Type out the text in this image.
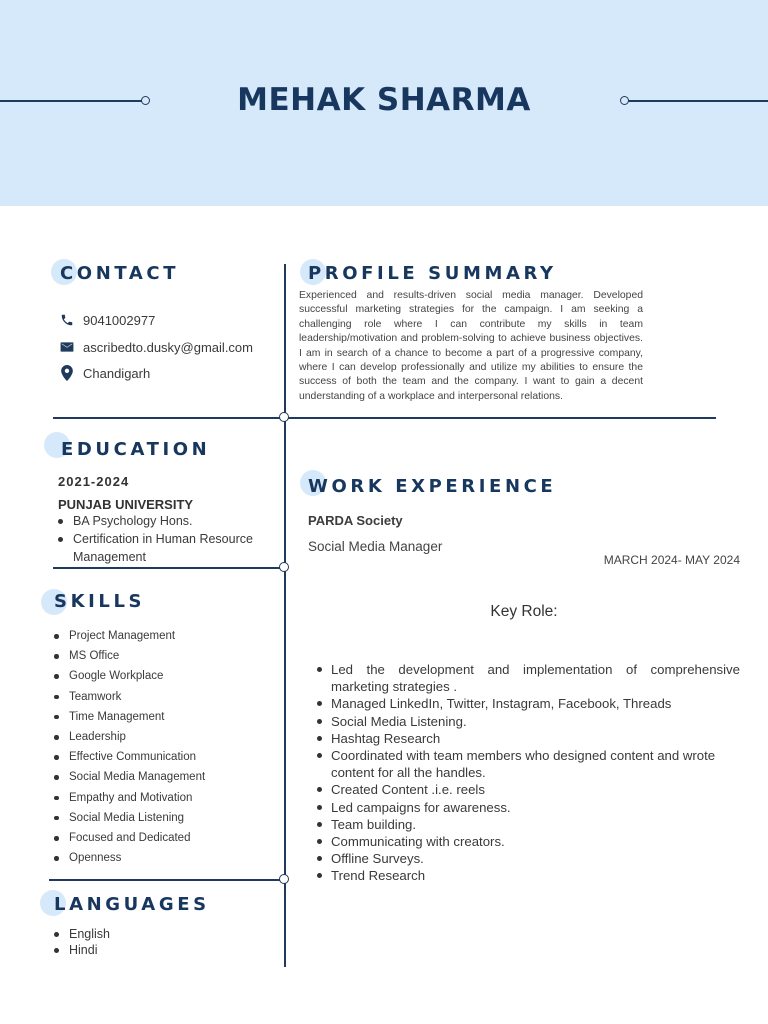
MEHAK SHARMA
CONTACT
9041002977
ascribedto.dusky@gmail.com
Chandigarh
PROFILE SUMMARY
Experienced and results-driven social media manager. Developed successful marketing strategies for the campaign. I am seeking a challenging role where I can contribute my skills in team leadership/motivation and problem-solving to achieve business objectives. I am in search of a chance to become a part of a progressive company, where I can develop professionally and utilize my abilities to ensure the success of both the team and the company. I want to gain a decent understanding of a workplace and interpersonal relations.
EDUCATION
2021-2024
PUNJAB UNIVERSITY
BA Psychology Hons.
Certification in Human Resource Management
SKILLS
Project Management
MS Office
Google Workplace
Teamwork
Time Management
Leadership
Effective Communication
Social Media Management
Empathy and Motivation
Social Media Listening
Focused and Dedicated
Openness
LANGUAGES
English
Hindi
WORK EXPERIENCE
PARDA Society
Social Media Manager
MARCH 2024- MAY 2024
Key Role:
Led the development and implementation of comprehensive marketing strategies .
Managed LinkedIn, Twitter, Instagram, Facebook, Threads
Social Media Listening.
Hashtag Research
Coordinated with team members who designed content and wrote content for all the handles.
Created Content .i.e. reels
Led campaigns for awareness.
Team building.
Communicating with creators.
Offline Surveys.
Trend Research
